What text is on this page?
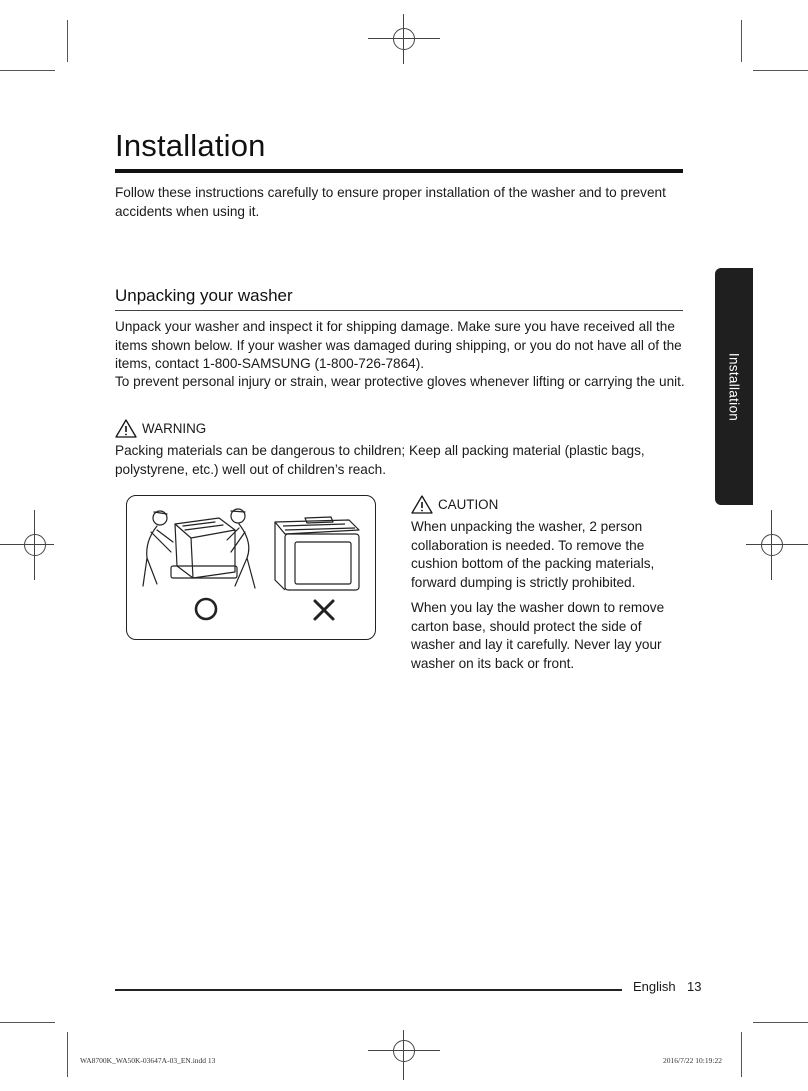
Installation
Follow these instructions carefully to ensure proper installation of the washer and to prevent accidents when using it.
Unpacking your washer
Unpack your washer and inspect it for shipping damage. Make sure you have received all the items shown below. If your washer was damaged during shipping, or you do not have all of the items, contact 1-800-SAMSUNG (1-800-726-7864).
To prevent personal injury or strain, wear protective gloves whenever lifting or carrying the unit.
WARNING
Packing materials can be dangerous to children; Keep all packing material (plastic bags, polystyrene, etc.) well out of children’s reach.
CAUTION
When unpacking the washer, 2 person collaboration is needed. To remove the cushion bottom of the packing materials, forward dumping is strictly prohibited.
When you lay the washer down to remove carton base, should protect the side of washer and lay it carefully. Never lay your washer on its back or front.
Installation
English 13
WA8700K_WA50K-03647A-03_EN.indd 13	2016/7/22 10:19:22
